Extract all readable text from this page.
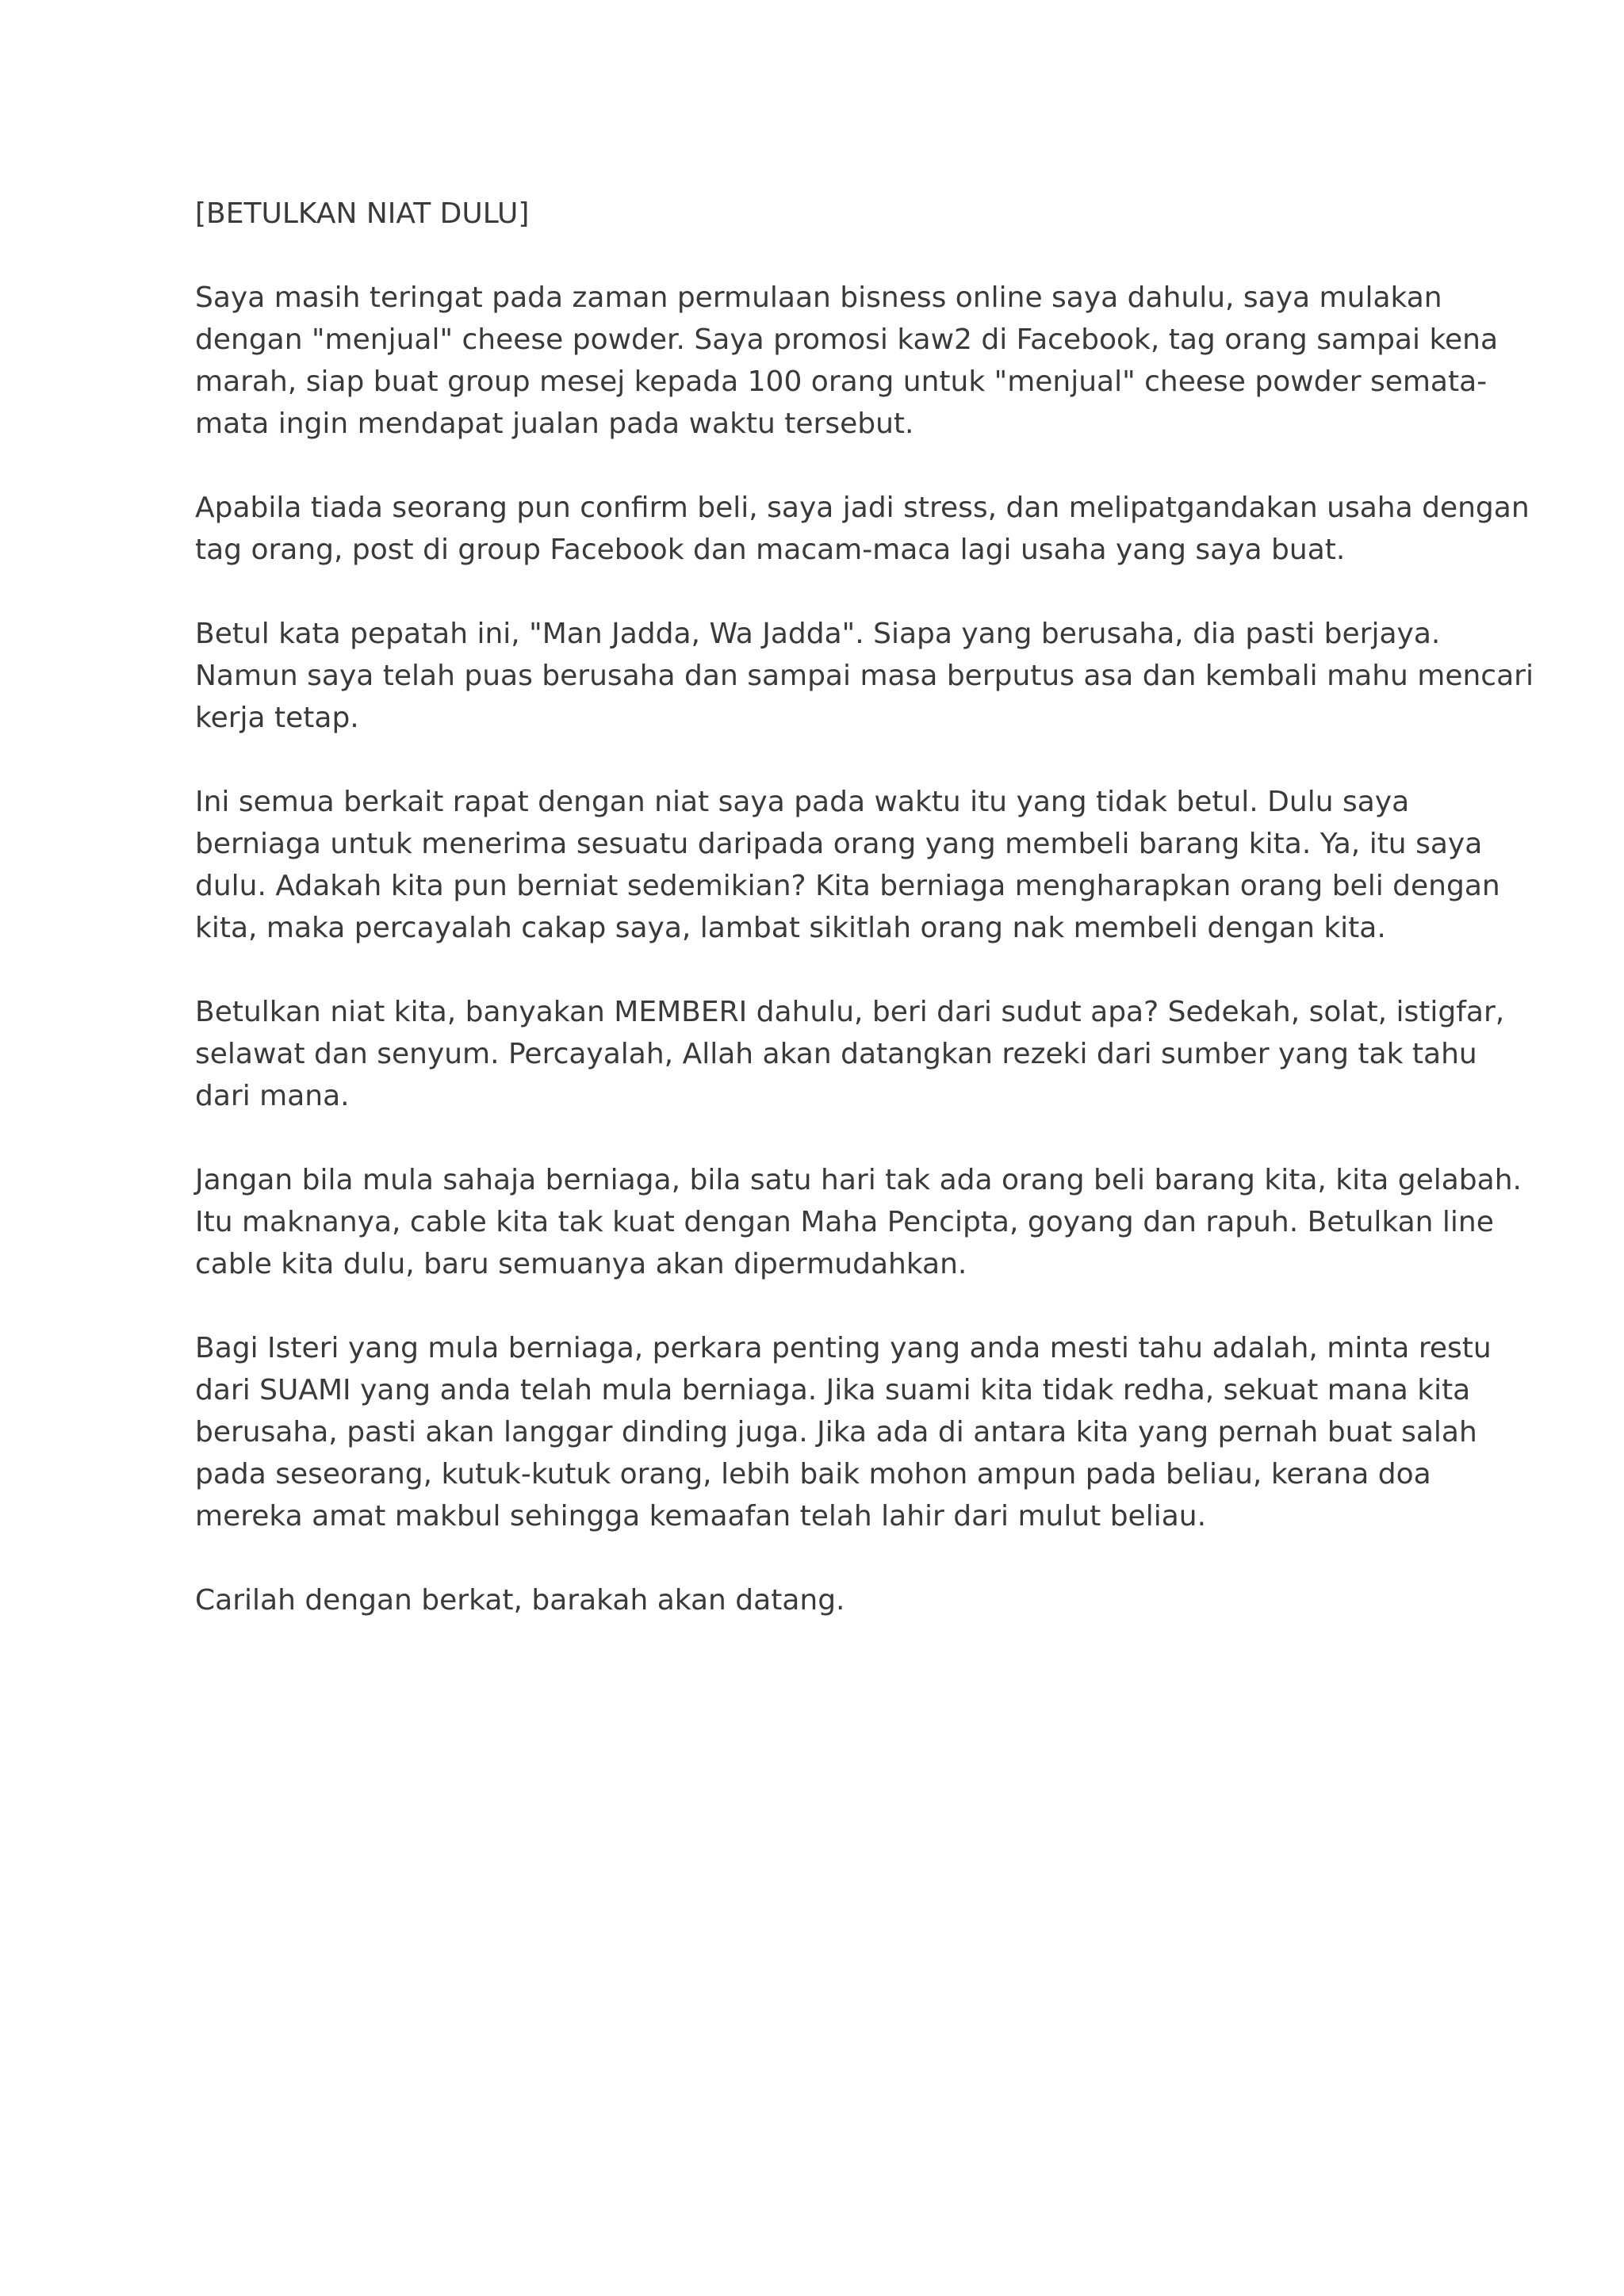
[BETULKAN NIAT DULU]

Saya masih teringat pada zaman permulaan bisness online saya dahulu, saya mulakan
dengan "menjual" cheese powder. Saya promosi kaw2 di Facebook, tag orang sampai kena
marah, siap buat group mesej kepada 100 orang untuk "menjual" cheese powder semata-
mata ingin mendapat jualan pada waktu tersebut.

Apabila tiada seorang pun confirm beli, saya jadi stress, dan melipatgandakan usaha dengan
tag orang, post di group Facebook dan macam-maca lagi usaha yang saya buat.

Betul kata pepatah ini, "Man Jadda, Wa Jadda". Siapa yang berusaha, dia pasti berjaya.
Namun saya telah puas berusaha dan sampai masa berputus asa dan kembali mahu mencari
kerja tetap.

Ini semua berkait rapat dengan niat saya pada waktu itu yang tidak betul. Dulu saya
berniaga untuk menerima sesuatu daripada orang yang membeli barang kita. Ya, itu saya
dulu. Adakah kita pun berniat sedemikian? Kita berniaga mengharapkan orang beli dengan
kita, maka percayalah cakap saya, lambat sikitlah orang nak membeli dengan kita.

Betulkan niat kita, banyakan MEMBERI dahulu, beri dari sudut apa? Sedekah, solat, istigfar,
selawat dan senyum. Percayalah, Allah akan datangkan rezeki dari sumber yang tak tahu
dari mana.

Jangan bila mula sahaja berniaga, bila satu hari tak ada orang beli barang kita, kita gelabah.
Itu maknanya, cable kita tak kuat dengan Maha Pencipta, goyang dan rapuh. Betulkan line
cable kita dulu, baru semuanya akan dipermudahkan.

Bagi Isteri yang mula berniaga, perkara penting yang anda mesti tahu adalah, minta restu
dari SUAMI yang anda telah mula berniaga. Jika suami kita tidak redha, sekuat mana kita
berusaha, pasti akan langgar dinding juga. Jika ada di antara kita yang pernah buat salah
pada seseorang, kutuk-kutuk orang, lebih baik mohon ampun pada beliau, kerana doa
mereka amat makbul sehingga kemaafan telah lahir dari mulut beliau.

Carilah dengan berkat, barakah akan datang.
